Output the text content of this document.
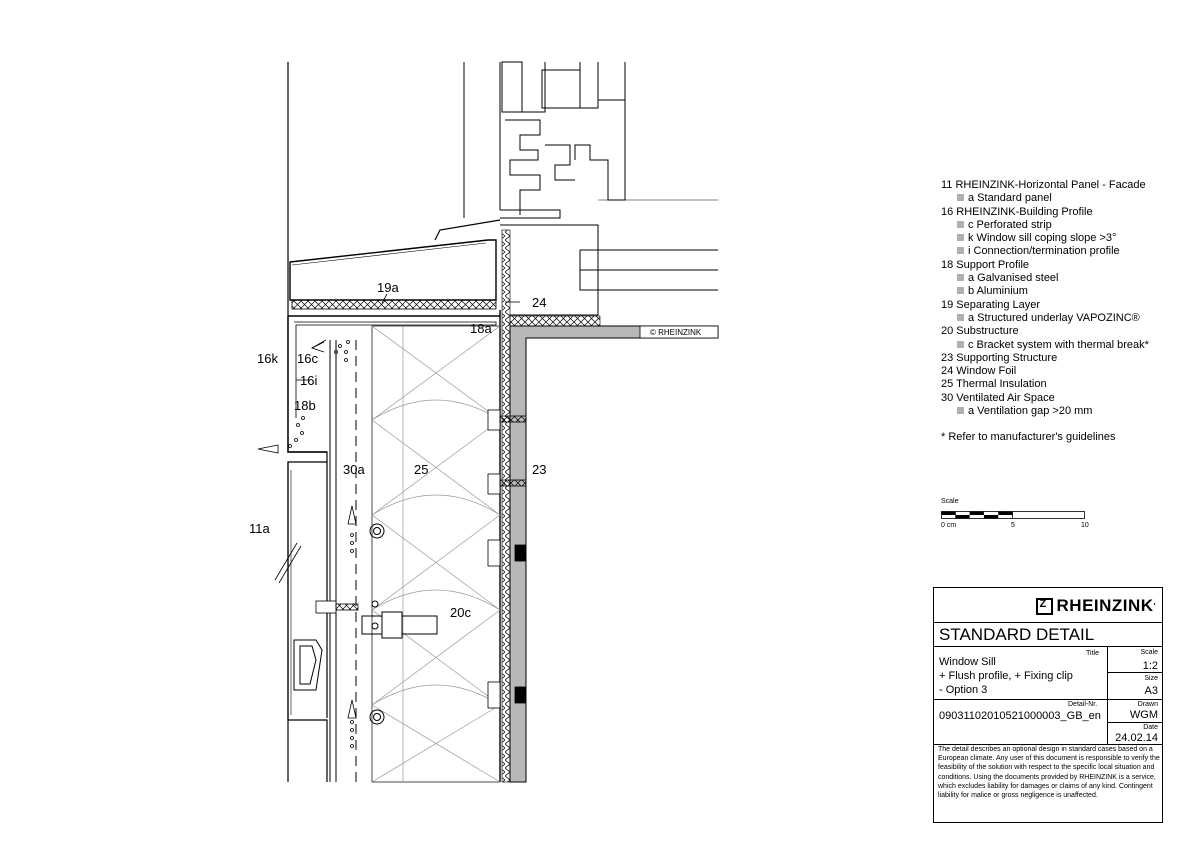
19a
24
18a
16k 16c
16i
18b
30a	25	23
11a
20c
© RHEINZINK
11 RHEINZINK-Horizontal Panel - Facade
a Standard panel
16 RHEINZINK-Building Profile
c Perforated strip
k Window sill coping slope >3°
i Connection/termination profile
18 Support Profile
a Galvanised steel
b Aluminium
19 Separating Layer
a Structured underlay VAPOZINC®
20 Substructure
c Bracket system with thermal break*
23 Supporting Structure
24 Window Foil
25 Thermal Insulation
30 Ventilated Air Space
a Ventilation gap >20 mm
* Refer to manufacturer's guidelines
Scale
0 cm	5	10
Z
RHEINZINK '
STANDARD DETAIL
Title
Window Sill
+ Flush profile, + Fixing clip
- Option 3
Scale
1:2
Size
A3
Detail-Nr.
09031102010521000003_GB_en
Drawn
WGM
Date
24.02.14
The detail describes an optional design in standard cases based on a European climate. Any user of this document is responsible to verify the feasibility of the solution with respect to the specific local situation and conditions. Using the documents provided by RHEINZINK is a service, which excludes liability for damages or claims of any kind. Contingent liability for malice or gross negligence is unaffected.
